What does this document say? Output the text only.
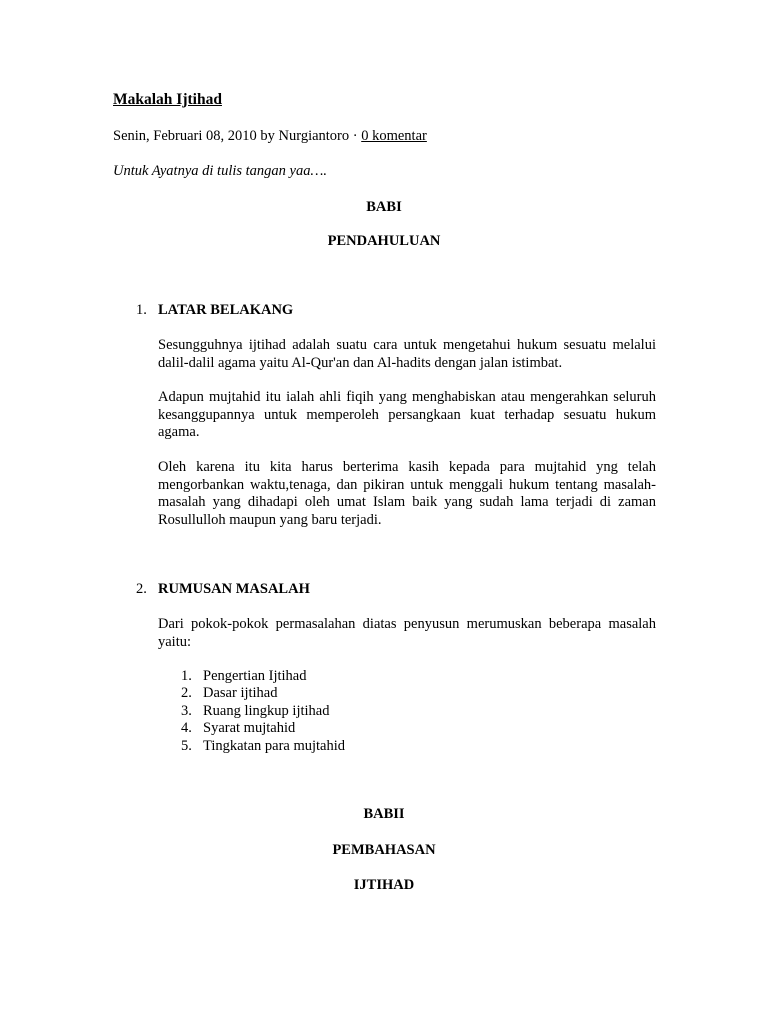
Makalah Ijtihad
Senin, Februari 08, 2010 by Nurgiantoro · 0 komentar
Untuk Ayatnya di tulis tangan yaa….
BABI
PENDAHULUAN
1. LATAR BELAKANG

Sesungguhnya ijtihad adalah suatu cara untuk mengetahui hukum sesuatu melalui dalil-dalil agama yaitu Al-Qur'an dan Al-hadits dengan jalan istimbat.

Adapun mujtahid itu ialah ahli fiqih yang menghabiskan atau mengerahkan seluruh kesanggupannya untuk memperoleh persangkaan kuat terhadap sesuatu hukum agama.

Oleh karena itu kita harus berterima kasih kepada para mujtahid yng telah mengorbankan waktu,tenaga, dan pikiran untuk menggali hukum tentang masalah-masalah yang dihadapi oleh umat Islam baik yang sudah lama terjadi di zaman Rosullulloh maupun yang baru terjadi.

2. RUMUSAN MASALAH

Dari pokok-pokok permasalahan diatas penyusun merumuskan beberapa masalah yaitu:

1. Pengertian Ijtihad
2. Dasar ijtihad
3. Ruang lingkup ijtihad
4. Syarat mujtahid
5. Tingkatan para mujtahid
BABII
PEMBAHASAN
IJTIHAD
